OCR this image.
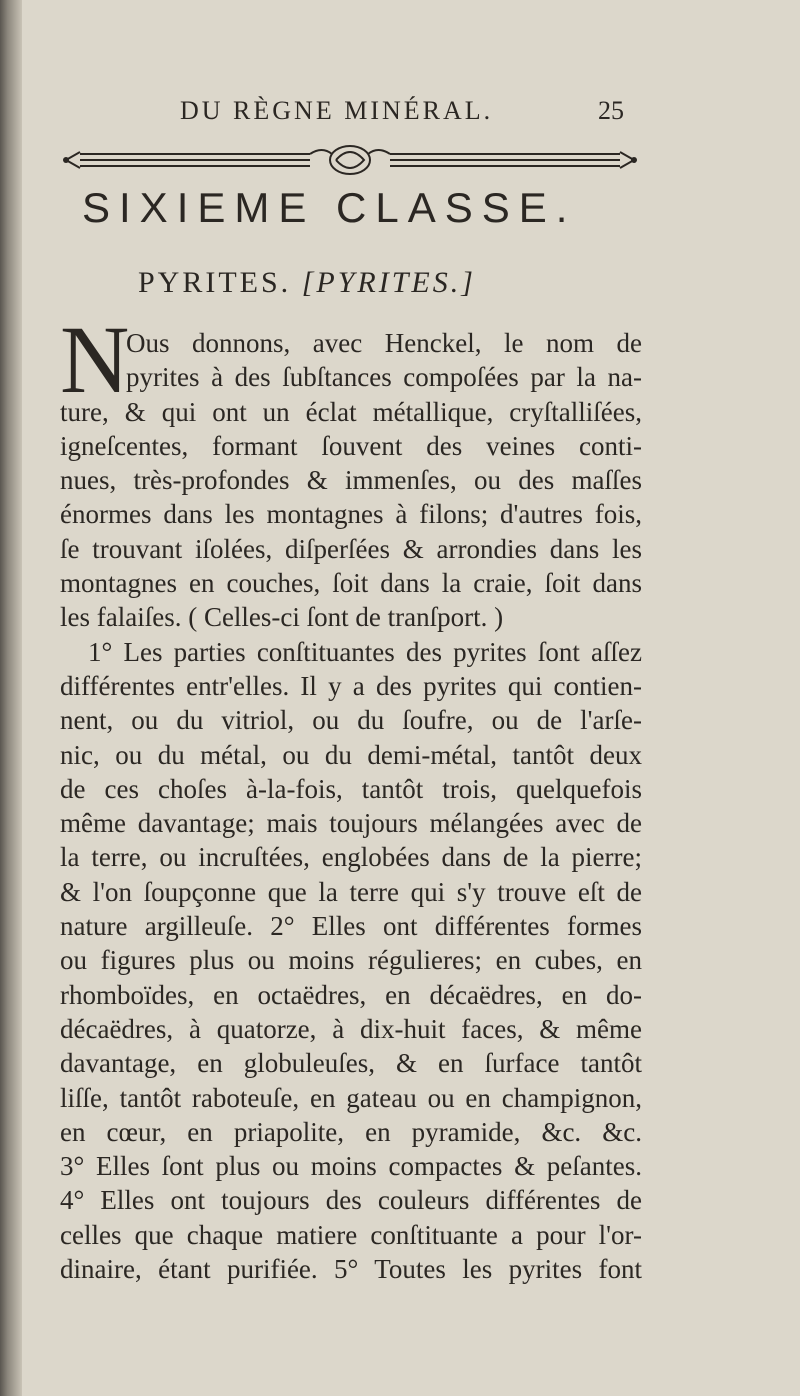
DU RÈGNE MINÉRAL.	25
SIXIEME CLASSE.
PYRITES. [PYRITES.]
N
Ous donnons, avec Henckel, le nom de
pyrites à des ſubſtances compoſées par la na-
ture, & qui ont un éclat métallique, cryſtalliſées,
igneſcentes, formant ſouvent des veines conti-
nues, très-profondes & immenſes, ou des maſſes
énormes dans les montagnes à filons; d'autres fois,
ſe trouvant iſolées, diſperſées & arrondies dans les
montagnes en couches, ſoit dans la craie, ſoit dans
les falaiſes. ( Celles-ci ſont de tranſport. )
1° Les parties conſtituantes des pyrites ſont aſſez
différentes entr'elles. Il y a des pyrites qui contien-
nent, ou du vitriol, ou du ſoufre, ou de l'arſe-
nic, ou du métal, ou du demi-métal, tantôt deux
de ces choſes à-la-fois, tantôt trois, quelquefois
même davantage; mais toujours mélangées avec de
la terre, ou incruſtées, englobées dans de la pierre;
& l'on ſoupçonne que la terre qui s'y trouve eſt de
nature argilleuſe. 2° Elles ont différentes formes
ou figures plus ou moins régulieres; en cubes, en
rhomboïdes, en octaëdres, en décaëdres, en do-
décaëdres, à quatorze, à dix-huit faces, & même
davantage, en globuleuſes, & en ſurface tantôt
liſſe, tantôt raboteuſe, en gateau ou en champignon,
en cœur, en priapolite, en pyramide, &c. &c.
3° Elles ſont plus ou moins compactes & peſantes.
4° Elles ont toujours des couleurs différentes de
celles que chaque matiere conſtituante a pour l'or-
dinaire, étant purifiée. 5° Toutes les pyrites font
